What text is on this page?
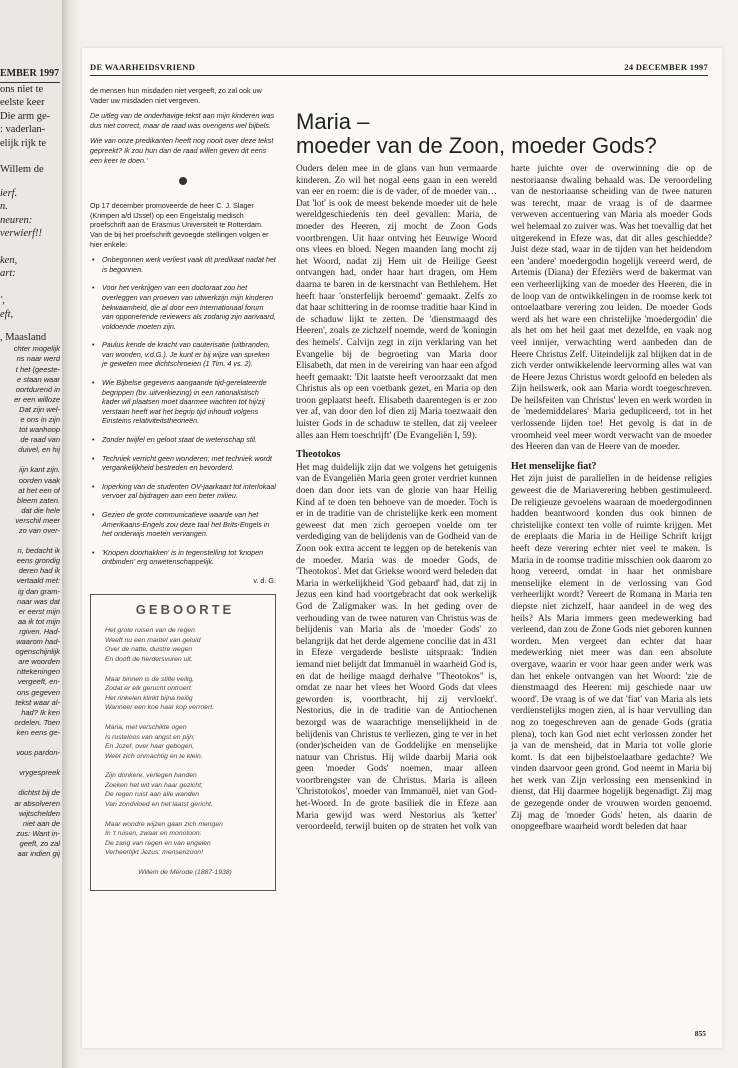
EMBER 1997
ons niet te
eelste keer
Die arm ge-
: vaderlan-
elijk rijk te

Willem de
ierf.
n.
neuren:
verwierf!!

ken,
art:

',
eft,
, Maasland
chter mogelijk
ns naar werd
t het (geeste-
e staan waar
oortdurend in
er een willoze
Dat zijn wel-
e ons in zijn
tot wanhoop
de raad van
duivel, en hij

iijn kant zijn.
oorden vaak
at het een of
bleem zaten.
dat die hele
verschil meer
zo van over-

n, bedacht ik
eens grondig
deren had ik
vertaald met:
ig dan gram-
naar was dat
er eerst mijn
aa ik tot mijn
rgiven. Had-
waarom had-
ogenschijnlijk
are woorden
nttekeningen
vergeeft, en-
ons gegeven
tekst waar al-
had? Ik ken
ordelen. Toen
ken eens ge-

vous pardon-

vrygespreek

dichtst bij de
ar absolveren
wijtschelden
niet aan de
zus: Want in-
geeft, zo zal
aar indien gij
DE WAARHEIDSVRIEND	24 DECEMBER 1997

de mensen hun misdaden niet vergeeft, zo zal ook uw Vader uw misdaden niet vergeven.

De uitleg van de onderhavige tekst aan mijn kinderen was dus niet correct, maar de raad was overigens wel bijbels.

Wie van onze predikanten heeft nog nooit over deze tekst gepreekt? Ik zou hun dan de raad willen geven dit eens een keer te doen.'

Op 17 december promoveerde de heer C. J. Slager (Krimpen a/d IJssel) op een Engelstalig medisch proefschrift aan de Erasmus Universiteit te Rotterdam. Van de bij het proefschrift gevoegde stellingen volgen er hier enkele:

• Onbegonnen werk verliest vaak dit predikaat nadat het is begonnen.
• Voor het verkrijgen van een doctoraat zou het overleggen van proeven van uitwerkzijn mijn kinderen bekwaamheid, die al door een internationaal forum van opponerende reviewers als zodanig zijn aanvaard, voldoende moeten zijn.
• Paulus kende de kracht van cauterisatie (uitbranden, van wonden, v.d.G.). Je kunt er bij wijze van spreken je geweten mee dichtschroeien (1 Tim. 4 vs. 2).
• Wie Bijbelse gegevens aangaande tijd-gerelateerde begrippen (bv. uitverkiezing) in een rationalistisch kader wil plaatsen moet daarmee wachten tot hij/zij verstaan heeft wat het begrip tijd inhoudt volgens Einsteins relativiteitstheorieën.
• Zonder twijfel en geloot staat de wetenschap stil.
• Techniek verricht geen wonderen; met techniek wordt vergankelijkheid bestreden en bevorderd.
• Inperking van de studenten OV-jaarkaart tot interlokaal vervoer zal bijdragen aan een beter milieu.
• Gezien de grote communicatieve waarde van het Amerikaans-Engels zou deze taal het Brits-Engels in het onderwijs moeten vervangen.
• 'Knopen doorhakken' is in tegenstelling tot 'knopen ontbinden' erg onwetenschappelijk.
v. d. G.
GEBOORTE
Het grote ruisen van de regen
Weeft nu een mantel van geluid
Over de natte, duistre wegen
En dooft de herdersvuren uit.
Maar binnen is de stilte veilig,
Zodat er elk gerucht ontroert:
Het rinkelen klinkt bijna heilig
Wanneer een koe haar kop verroert.
Maria, met verschikte ogen
Is rusteloos van angst en pijn;
En Jozef, over haar gebogen,
Weet zich onmachtig en te klein.
Zijn donkere, verlegen handen
Zoeken het wit van haar gezicht;
De regen ruist aan alle wanden
Van zondvloed en het laatst gericht.
Maar wondre wijzen gaan zich mengen
In 't ruisen, zwaar en monotoon:
De zang van regen en van engelen
Verheerlijkt Jezus: mensenzoon!
Willem de Mérode (1887-1938)
Maria –
moeder van de Zoon, moeder Gods?

Ouders delen mee in de glans van hun vermaarde kinderen. Zo wil het nogal eens gaan in een wereld van eer en roem: die is de vader, of de moeder van… Dat 'lot' is ook de meest bekende moeder uit de hele wereldgeschiedenis ten deel gevallen: Maria, de moeder des Heeren, zij mocht de Zoon Gods voortbrengen. Uit haar ontving het Eeuwige Woord ons vlees en bloed. Negen maanden lang mocht zij het Woord, nadat zij Hem uit de Heilige Geest ontvangen had, onder haar hart dragen, om Hem daarna te baren in de kerstnacht van Bethlehem. Het heeft haar 'onsterfelijk beroemd' gemaakt. Zelfs zo dat haar schittering in de roomse traditie haar Kind in de schaduw lijkt te zetten. De 'dienstmaagd des Heeren', zoals ze zichzelf noemde, werd de 'koningin des hemels'. Calvijn zegt in zijn verklaring van het Evangelie bij de begroeting van Maria door Elisabeth, dat men in de vereiring van haar een afgod heeft gemaakt: 'Dit laatste heeft veroorzaakt dat men Christus als op een voetbank gezet, en Maria op den troon geplaatst heeft. Elisabeth daarentegen is er zoo ver af, van door den lof dien zij Maria toezwaait den luister Gods in de schaduw te stellen, dat zij veeleer alles aan Hem toeschrijft' (De Evangeliën I, 59).

Theotokos

Het mag duidelijk zijn dat we volgens het getuigenis van de Evangeliën Maria geen groter verdriet kunnen doen dan door iets van de glorie van haar Heilig Kind af te doen ten behoeve van de moeder. Toch is er in de traditie van de christelijke kerk een moment geweest dat men zich geroepen voelde om ter verdediging van de belijdenis van de Godheid van de Zoon ook extra accent te leggen op de betekenis van de moeder. Maria was de moeder Gods, de 'Theotokos'. Met dat Griekse woord werd beleden dat Maria in werkelijkheid 'God gebaard' had, dat zij in Jezus een kind had voortgebracht dat ook werkelijk God de Zaligmaker was. In het geding over de verhouding van de twee naturen van Christus was de belijdenis van Maria als de 'moeder Gods' zo belangrijk dat het derde algemene concilie dat in 431 in Efeze vergaderde besliste uitspraak: 'Indien iemand niet belijdt dat Immanuël in waarheid God is, en dat de heilige maagd derhalve "Theotokos" is, omdat ze naar het vlees het Woord Gods dat vlees geworden is, voortbracht, hij zij vervloekt'. Nestorius, die in de traditie van de Antiochenen bezorgd was de waarachtige menselijkheid in de belijdenis van Christus te verliezen, ging te ver in het (onder)scheiden van de Goddelijke en menselijke natuur van Christus. Hij wilde daarbij Maria ook geen 'moeder Gods' noemen, maar alleen voortbrengster van de Christus. Maria is alleen 'Christotokos', moeder van Immanuël, niet van God-het-Woord. In de grote basiliek die in Efeze aan Maria gewijd was werd Nestorius als 'ketter' veroordeeld, terwijl buiten op de straten het volk van harte juichte over de overwinning die op de nestoriaanse dwaling behaald was. De veroordeling van de nestoriaanse scheiding van de twee naturen was terecht, maar de vraag is of de daarmee verweven accentuering van Maria als moeder Gods wel helemaal zo zuiver was. Was het toevallig dat het uitgerekend in Efeze was, dat dit alles geschiedde? Juist deze stad, waar in de tijden van het heidendom een 'andere' moedergodin hogelijk vereerd werd, de Artemis (Diana) der Efeziërs werd de bakermat van een verheerlijking van de moeder des Heeren, die in de loop van de ontwikkelingen in de roomse kerk tot ontoelaatbare verering zou leiden. De moeder Gods werd als het ware een christelijke 'moedergodin' die als het om het heil gaat met dezelfde, en vaak nog veel innijer, verwachting werd aanbeden dan de Heere Christus Zelf. Uiteindelijk zal blijken dat in de zich verder ontwikkelende leervorming alles wat van de Heere Jezus Christus wordt geloofd en beleden als Zijn heilswerk, ook aan Maria wordt toegeschreven. De heilsfeiten van Christus' leven en werk worden in de 'medemiddelares' Maria gedupliceerd, tot in het verlossende lijden toe! Het gevolg is dat in de vroomheid veel meer wordt verwacht van de moeder des Heeren dan van de Heere van de moeder.

Het menselijke fiat?

Het zijn juist de parallellen in de heidense religies geweest die de Mariaverering hebben gestimuleerd. De religieuze gevoelens waaraan de moedergodinnen hadden beantwoord konden dus ook binnen de christelijke context ten volle of ruimte krijgen. Met de ereplaats die Maria in de Heilige Schrift krijgt heeft deze verering echter niet veel te maken. Is Maria in de roomse traditie misschien ook daarom zo hoog vereerd, omdat in haar het onmisbare menselijke element in de verlossing van God verheerlijkt wordt? Vereert de Romana in Maria ten diepste niet zichzelf, haar aandeel in de weg des heils? Als Maria immers geen medewerking had verleend, dan zou de Zone Gods niet geboren kunnen worden. Men vergeet dan echter dat haar medewerking niet meer was dan een absolute overgave, waarin er voor haar geen ander werk was dan het enkele ontvangen van het Woord: 'zie de dienstmaagd des Heeren: mij geschiede naar uw woord'. De vraag is of we dat 'fiat' van Maria als iets verdienstelijks mogen zien, al is haar vervulling dan nog zo toegeschreven aan de genade Gods (gratia plena), toch kan God niet echt verlossen zonder het ja van de mensheid, dat in Maria tot volle glorie komt. Is dat een bijbelstoelaatbare gedachte? We vinden daarvoor geen grond. God neemt in Maria bij het werk van Zijn verlossing een mensenkind in dienst, dat Hij daarmee hogelijk begenadigt. Zij mag de gezegende onder de vrouwen worden genoemd. Zij mag de 'moeder Gods' heten, als daarin de onopgeefbare waarheid wordt beleden dat haar

855
